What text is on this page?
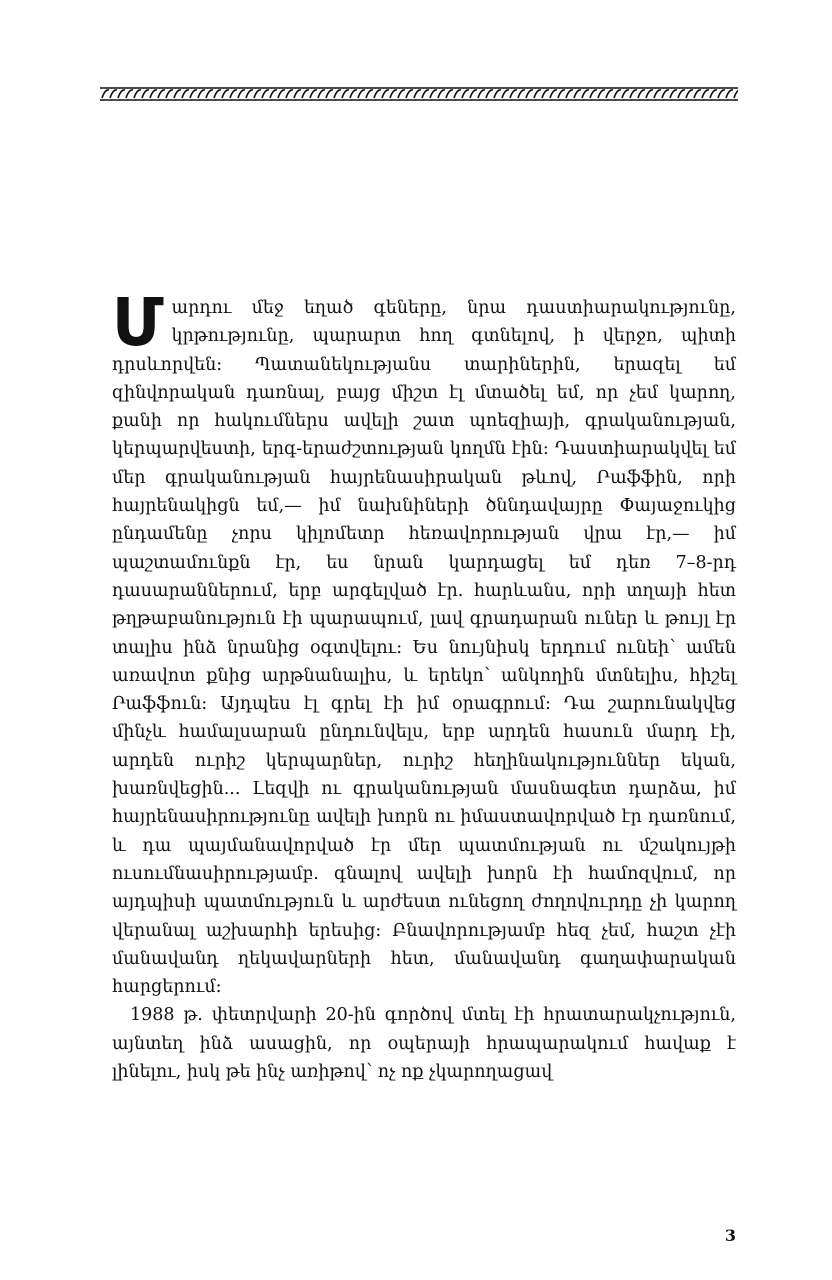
Մարդու մեջ եղած գեները, նրա դաստիարակությունը, կրթությունը, պարարտ հող գտնելով, ի վերջո, պիտի դրսևորվեն: Պատանեկությանս տարիներին, երազել եմ զինվորական դառնալ, բայց միշտ էլ մտածել եմ, որ չեմ կարող, քանի որ հակումներս ավելի շատ պոեզիայի, գրականության, կերպարվեստի, երգ-երաժշտության կողմն էին: Դաստիարակվել եմ մեր գրականության հայրենասիրական թևով, Րաֆֆին, որի հայրենակիցն եմ,— իմ նախնիների ծննդավայրը Փայաջուկից ընդամենը չորս կիլոմետր հեռավորության վրա էր,— իմ պաշտամունքն էր, ես նրան կարդացել եմ դեռ 7–8-րդ դասարաններում, երբ արգելված էր. հարևանս, որի տղայի հետ թղթաբանություն էի պարապում, լավ գրադարան ուներ և թույլ էր տալիս ինձ նրանից օգտվելու: Ես նույնիսկ երդում ունեի՝ ամեն առավոտ քնից արթնանալիս, և երեկո՝ անկողին մտնելիս, հիշել Րաֆֆուն: Այդպես էլ գրել էի իմ օրագրում: Դա շարունակվեց մինչև համալսարան ընդունվելս, երբ արդեն հասուն մարդ էի, արդեն ուրիշ կերպարներ, ուրիշ հեղինակություններ եկան, խառնվեցին... Լեզվի ու գրականության մասնագետ դարձա, իմ հայրենասիրությունը ավելի խորն ու իմաստավորված էր դառնում, և դա պայմանավորված էր մեր պատմության ու մշակույթի ուսումնասիրությամբ. գնալով ավելի խորն էի համոզվում, որ այդպիսի պատմություն և արժեստ ունեցող ժողովուրդը չի կարող վերանալ աշխարհի երեսից: Բնավորությամբ հեզ չեմ, հաշտ չէի մանավանդ ղեկավարների հետ, մանավանդ գաղափարական հարցերում:

1988 թ. փետրվարի 20-ին գործով մտել էի հրատարակչություն, այնտեղ ինձ ասացին, որ օպերայի հրապարակում հավաք է լինելու, իսկ թե ինչ առիթով՝ ոչ ոք չկարողացավ

3
